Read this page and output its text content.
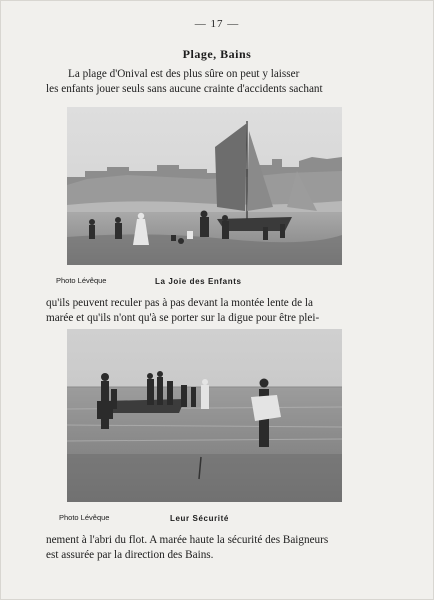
— 17 —
Plage, Bains
La plage d'Onival est des plus sûre on peut y laisser
les enfants jouer seuls sans aucune crainte d'accidents sachant
Photo Lévêque	La Joie des Enfants
qu'ils peuvent reculer pas à pas devant la montée lente de la
marée et qu'ils n'ont qu'à se porter sur la digue pour être plei-
Photo Lévêque	Leur Sécurité
nement à l'abri du flot. A marée haute la sécurité des Baigneurs
est assurée par la direction des Bains.
